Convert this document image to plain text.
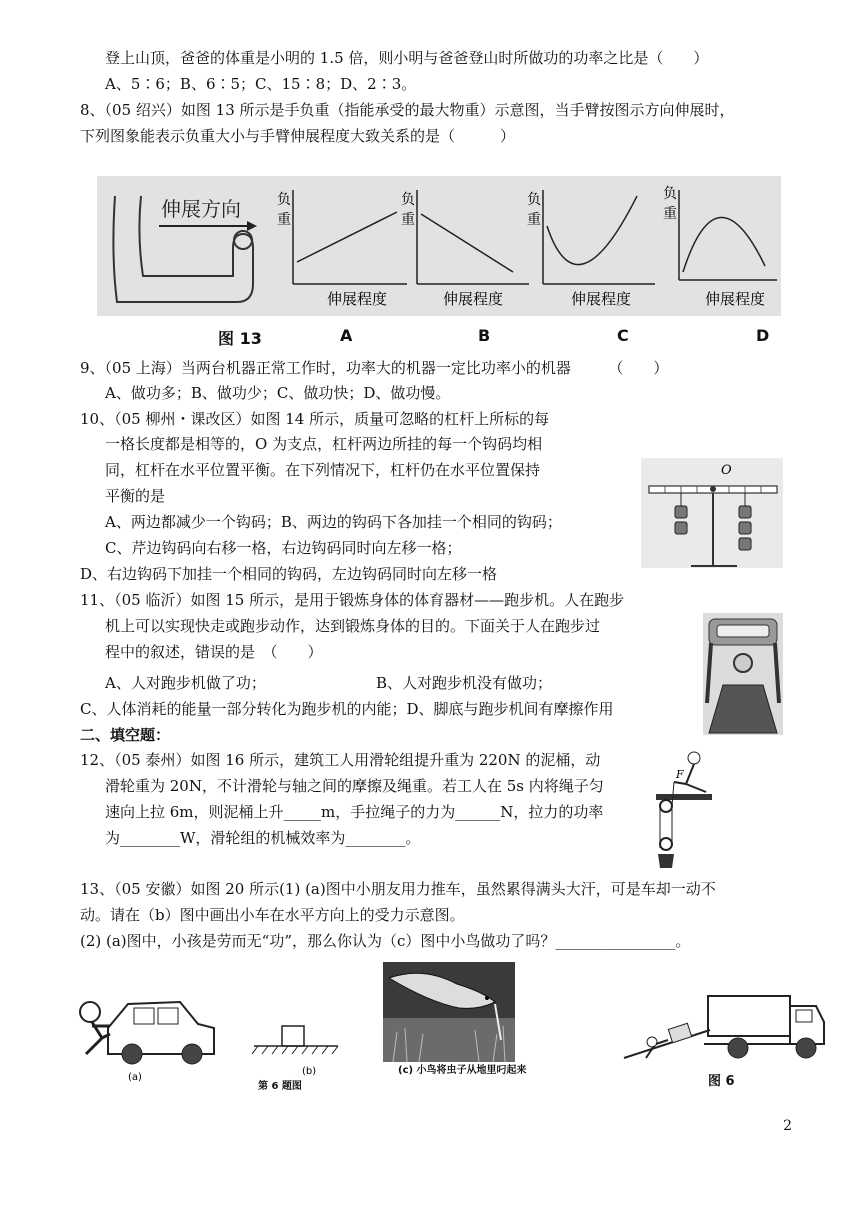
登上山顶，爸爸的体重是小明的 1.5 倍，则小明与爸爸登山时所做功的功率之比是（　　）
A、5∶6；B、6∶5；C、15∶8；D、2∶3。
8、（05 绍兴）如图 13 所示是手负重（指能承受的最大物重）示意图，当手臂按图示方向伸展时，
下列图象能表示负重大小与手臂伸展程度大致关系的是（　　　）
伸展方向	负
重
伸展程度
负
重
伸展程度
负
重
伸展程度
负
重
伸展程度
图 13	A	B	C	D
9、（05 上海）当两台机器正常工作时，功率大的机器一定比功率小的机器　　　（　　）
A、做功多；B、做功少；C、做功快；D、做功慢。
10、（05 柳州・课改区）如图 14 所示，质量可忽略的杠杆上所标的每
一格长度都是相等的，O 为支点，杠杆两边所挂的每一个钩码均相
同，杠杆在水平位置平衡。在下列情况下，杠杆仍在水平位置保持
平衡的是
A、两边都减少一个钩码；B、两边的钩码下各加挂一个相同的钩码；
C、芹边钩码向右移一格，右边钩码同时向左移一格；
D、右边钩码下加挂一个相同的钩码，左边钩码同时向左移一格
O
11、（05 临沂）如图 15 所示，是用于锻炼身体的体育器材——跑步机。人在跑步
机上可以实现快走或跑步动作，达到锻炼身体的目的。下面关于人在跑步过
程中的叙述，错误的是　（　　）
A、人对跑步机做了功；	B、人对跑步机没有做功；
C、人体消耗的能量一部分转化为跑步机的内能；D、脚底与跑步机间有摩擦作用
二、填空题：
12、（05 泰州）如图 16 所示，建筑工人用滑轮组提升重为 220N 的泥桶，动
滑轮重为 20N，不计滑轮与轴之间的摩擦及绳重。若工人在 5s 内将绳子匀
速向上拉 6m，则泥桶上升_____m，手拉绳子的力为______N，拉力的功率
为________W，滑轮组的机械效率为________。
F
13、（05 安徽）如图 20 所示(1) (a)图中小朋友用力推车，虽然累得满头大汗，可是车却一动不
动。请在（b）图中画出小车在水平方向上的受力示意图。
(2) (a)图中，小孩是劳而无“功”，那么你认为（c）图中小鸟做功了吗？________________。
(a)
(b)
第 6 题图
(c) 小鸟将虫子从地里叼起来
图 6
2
